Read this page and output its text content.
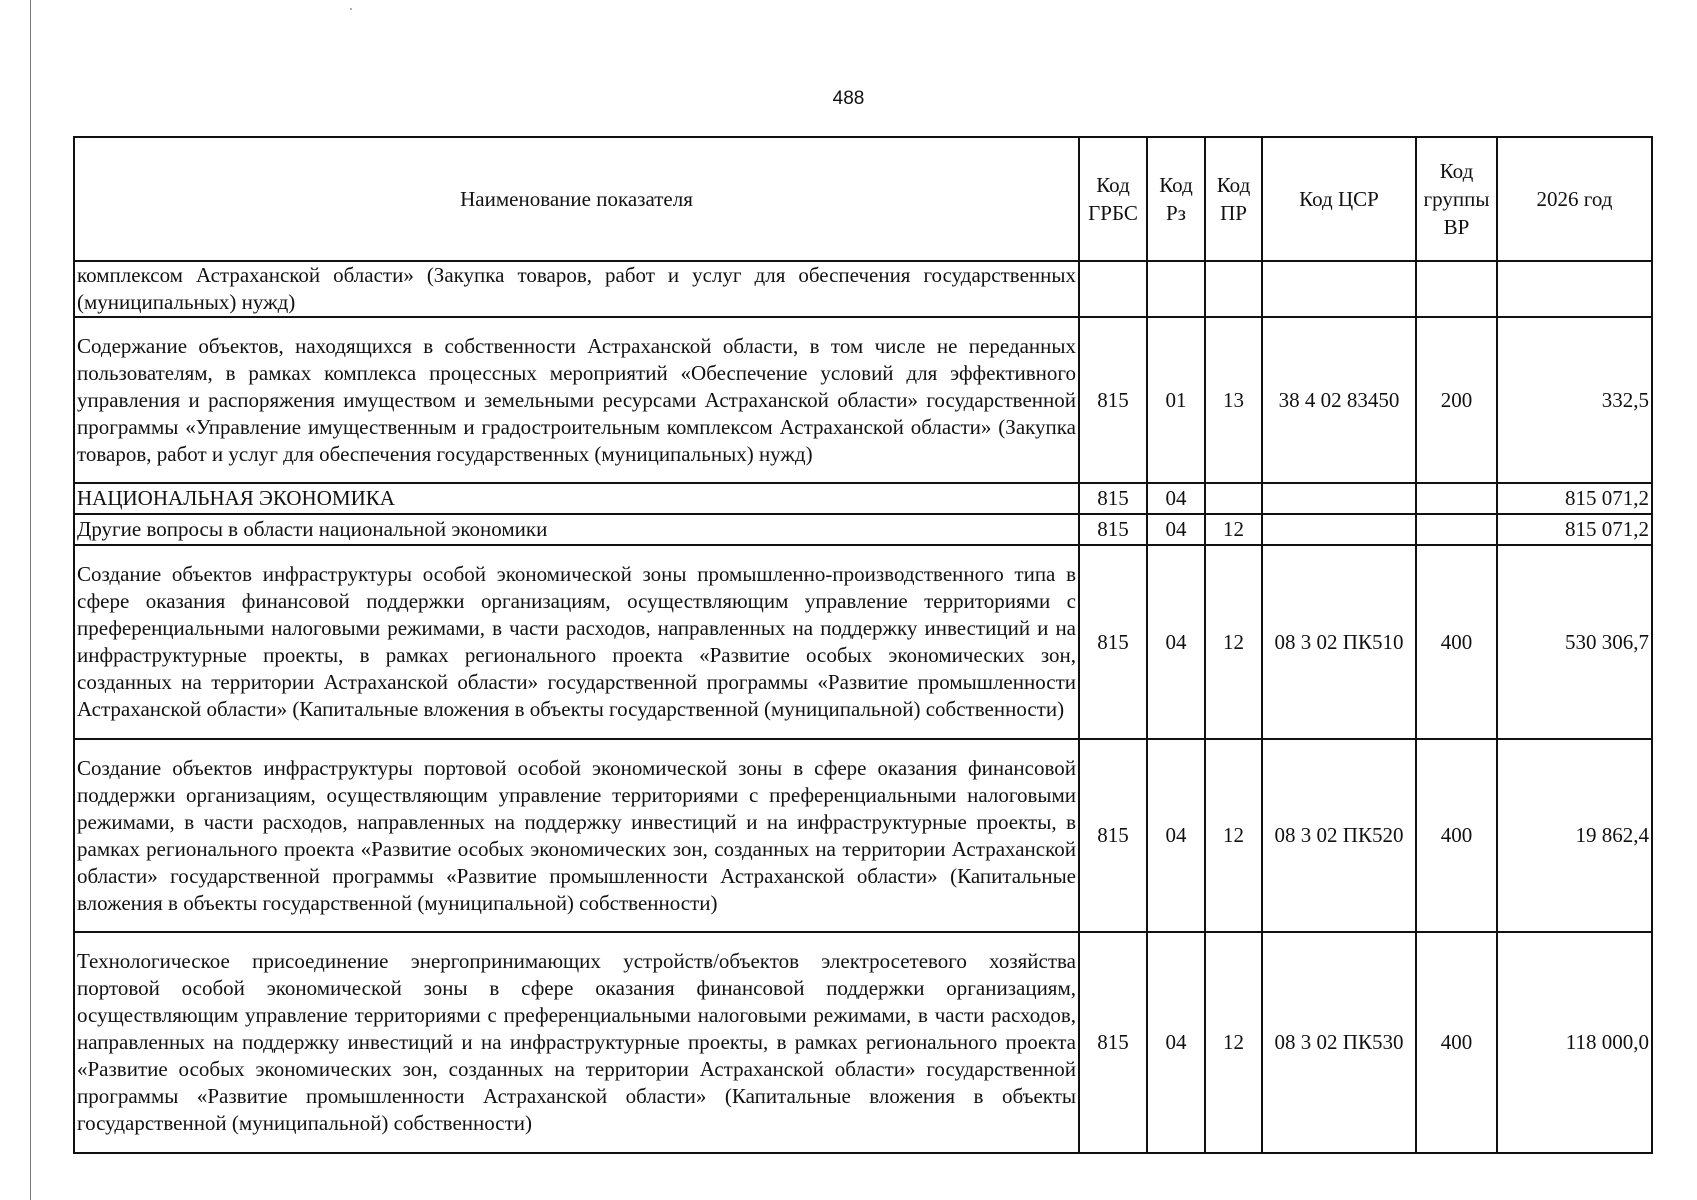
488
Наименование показателя	Код ГРБС	Код Рз	Код ПР	Код ЦСР	Код группы ВР	2026 год
комплексом Астраханской области» (Закупка товаров, работ и услуг для обеспечения государственных (муниципальных) нужд)						
Содержание объектов, находящихся в собственности Астраханской области, в том числе не переданных пользователям, в рамках комплекса процессных мероприятий «Обеспечение условий для эффективного управления и распоряжения имуществом и земельными ресурсами Астраханской области» государственной программы «Управление имущественным и градостроительным комплексом Астраханской области» (Закупка товаров, работ и услуг для обеспечения государственных (муниципальных) нужд)	815	01	13	38 4 02 83450	200	332,5
НАЦИОНАЛЬНАЯ ЭКОНОМИКА	815	04				815 071,2
Другие вопросы в области национальной экономики	815	04	12			815 071,2
Создание объектов инфраструктуры особой экономической зоны промышленно-производственного типа в сфере оказания финансовой поддержки организациям, осуществляющим управление территориями с преференциальными налоговыми режимами, в части расходов, направленных на поддержку инвестиций и на инфраструктурные проекты, в рамках регионального проекта «Развитие особых экономических зон, созданных на территории Астраханской области» государственной программы «Развитие промышленности Астраханской области» (Капитальные вложения в объекты государственной (муниципальной) собственности)	815	04	12	08 3 02 ПК510	400	530 306,7
Создание объектов инфраструктуры портовой особой экономической зоны в сфере оказания финансовой поддержки организациям, осуществляющим управление территориями с преференциальными налоговыми режимами, в части расходов, направленных на поддержку инвестиций и на инфраструктурные проекты, в рамках регионального проекта «Развитие особых экономических зон, созданных на территории Астраханской области» государственной программы «Развитие промышленности Астраханской области» (Капитальные вложения в объекты государственной (муниципальной) собственности)	815	04	12	08 3 02 ПК520	400	19 862,4
Технологическое присоединение энергопринимающих устройств/объектов электросетевого хозяйства портовой особой экономической зоны в сфере оказания финансовой поддержки организациям, осуществляющим управление территориями с преференциальными налоговыми режимами, в части расходов, направленных на поддержку инвестиций и на инфраструктурные проекты, в рамках регионального проекта «Развитие особых экономических зон, созданных на территории Астраханской области» государственной программы «Развитие промышленности Астраханской области» (Капитальные вложения в объекты государственной (муниципальной) собственности)	815	04	12	08 3 02 ПК530	400	118 000,0
